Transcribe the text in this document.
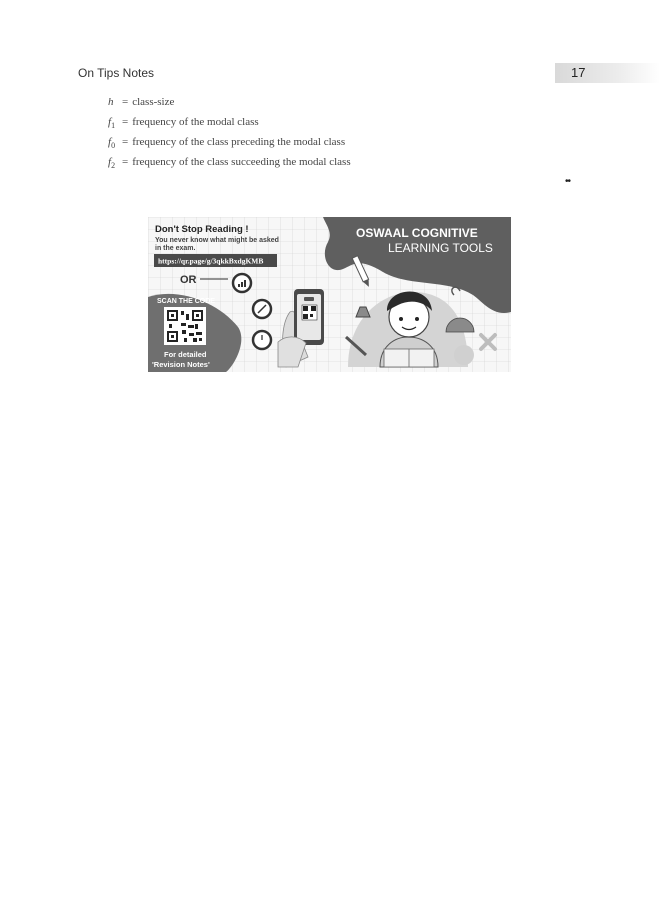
On Tips Notes	17
h = class-size
$f_1$ = frequency of the modal class
$f_0$ = frequency of the class preceding the modal class
$f_2$ = frequency of the class succeeding the modal class
••
Don't Stop Reading !
You never know what might be asked
in the exam.
https://qr.page/g/3qkkBxdgKMB
OR
SCAN THE CODE
For detailed
'Revision Notes'
OSWAAL COGNITIVE
LEARNING TOOLS
